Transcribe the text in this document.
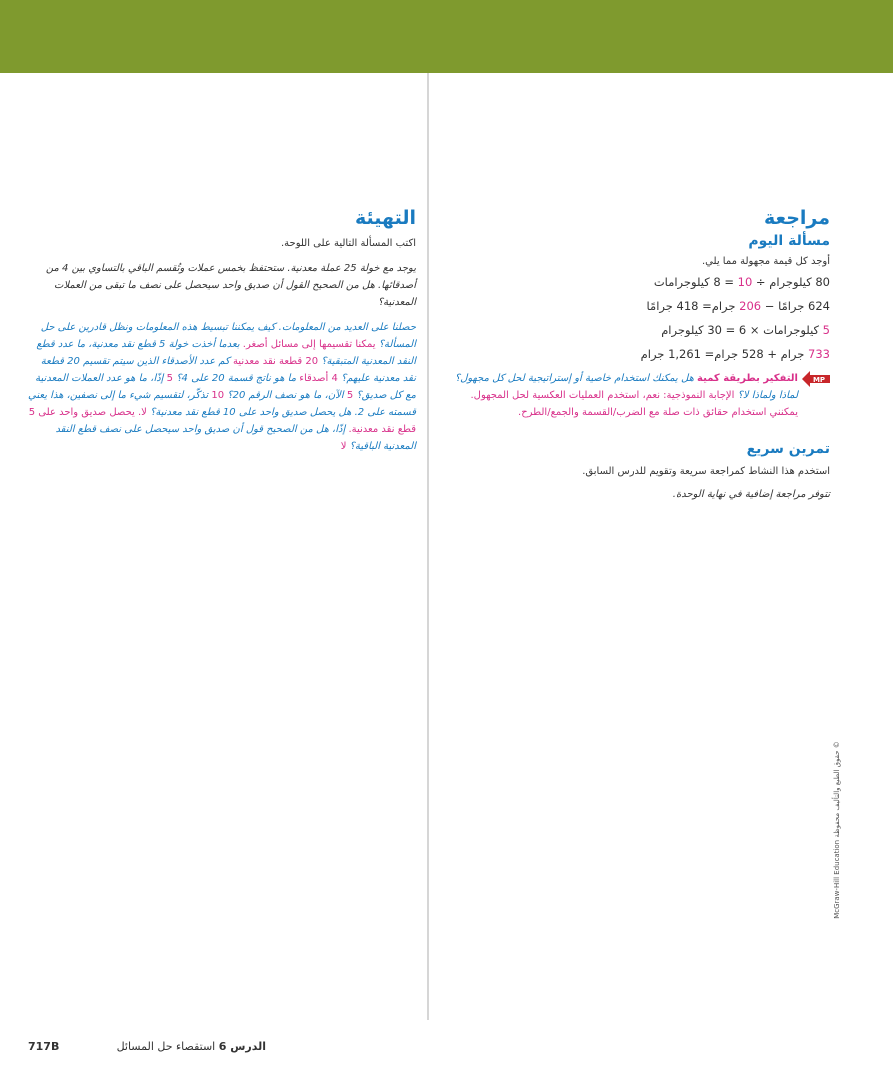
التهيئة

اكتب المسألة التالية على اللوحة.

يوجد مع خولة 25 عملة معدنية. ستحتفظ بخمس عملات وتُقسم الباقي بالتساوي بين 4 من أصدقائها. هل من الصحيح القول أن صديق واحد سيحصل على نصف ما تبقى من العملات المعدنية؟

حصلنا على العديد من المعلومات. كيف يمكننا تبسيط هذه المعلومات ونظل قادرين على حل المسألة؟ يمكنا تقسيمها إلى مسائل أصغر. بعدما أخذت خولة 5 قطع نقد معدنية، ما عدد قطع النقد المعدنية المتبقية؟ 20 قطعة نقد معدنية كم عدد الأصدقاء الذين سيتم تقسيم 20 قطعة نقد معدنية عليهم؟ 4 أصدقاء ما هو ناتج قسمة 20 على 4؟ 5 إذًا، ما هو عدد العملات المعدنية مع كل صديق؟ 5 الآن، ما هو نصف الرقم 20؟ 10 تذكّر، لتقسيم شيء ما إلى نصفين، هذا يعني قسمته على 2. هل يحصل صديق واحد على 10 قطع نقد معدنية؟ لا. يحصل صديق واحد على 5 قطع نقد معدنية. إذًا، هل من الصحيح قول أن صديق واحد سيحصل على نصف قطع النقد المعدنية الباقية؟ لا

مراجعة
مسألة اليوم

أوجد كل قيمة مجهولة مما يلي.

80 كيلوجرام ÷ 10 = 8 كيلوجرامات

624 جرامًا − 206 جرام= 418 جرامًا

5 كيلوجرامات × 6 = 30 كيلوجرام

733 جرام + 528 جرام= 1,261 جرام

MP

التفكير بطريقة كمية هل يمكنك استخدام خاصية أو إستراتيجية لحل كل مجهول؟ لماذا ولماذا لا؟ الإجابة النموذجية: نعم، استخدم العمليات العكسية لحل المجهول. يمكنني استخدام حقائق ذات صلة مع الضرب/القسمة والجمع/الطرح.

تمرين سريع

استخدم هذا النشاط كمراجعة سريعة وتقويم للدرس السابق.

تتوفر مراجعة إضافية في نهاية الوحدة.

McGraw-Hill Education حقوق الطبع والتأليف محفوظة ©
717B	الدرس 6 استقصاء حل المسائل
